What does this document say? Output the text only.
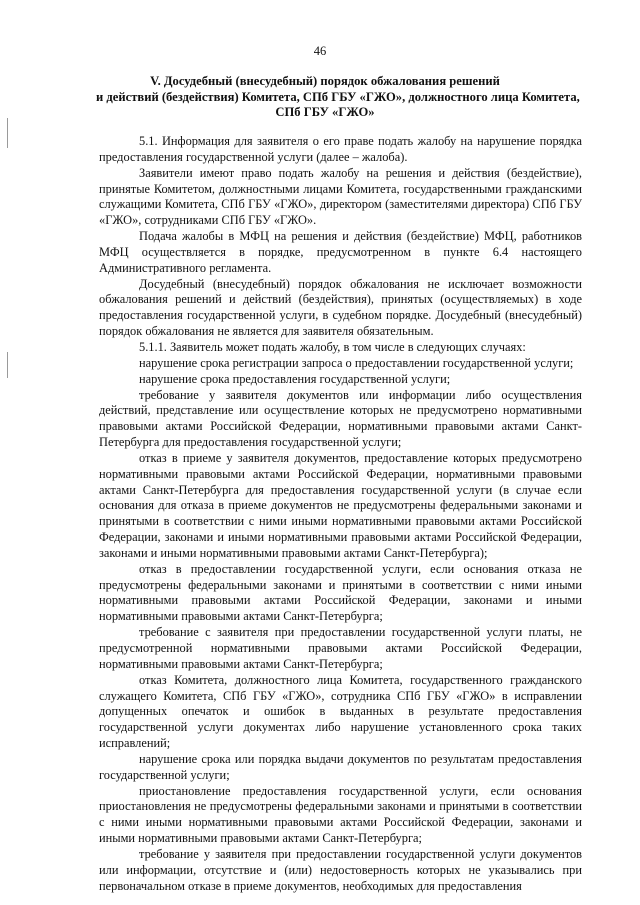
46
V. Досудебный (внесудебный) порядок обжалования решений
и действий (бездействия) Комитета, СПб ГБУ «ГЖО», должностного лица Комитета,
СПб ГБУ «ГЖО»

5.1. Информация для заявителя о его праве подать жалобу на нарушение порядка предоставления государственной услуги (далее – жалоба).

Заявители имеют право подать жалобу на решения и действия (бездействие), принятые Комитетом, должностными лицами Комитета, государственными гражданскими служащими Комитета, СПб ГБУ «ГЖО», директором (заместителями директора) СПб ГБУ «ГЖО», сотрудниками СПб ГБУ «ГЖО».

Подача жалобы в МФЦ на решения и действия (бездействие) МФЦ, работников МФЦ осуществляется в порядке, предусмотренном в пункте 6.4 настоящего Административного регламента.

Досудебный (внесудебный) порядок обжалования не исключает возможности обжалования решений и действий (бездействия), принятых (осуществляемых) в ходе предоставления государственной услуги, в судебном порядке. Досудебный (внесудебный) порядок обжалования не является для заявителя обязательным.

5.1.1. Заявитель может подать жалобу, в том числе в следующих случаях:

нарушение срока регистрации запроса о предоставлении государственной услуги;

нарушение срока предоставления государственной услуги;

требование у заявителя документов или информации либо осуществления действий, представление или осуществление которых не предусмотрено нормативными правовыми актами Российской Федерации, нормативными правовыми актами Санкт-Петербурга для предоставления государственной услуги;

отказ в приеме у заявителя документов, предоставление которых предусмотрено нормативными правовыми актами Российской Федерации, нормативными правовыми актами Санкт-Петербурга для предоставления государственной услуги (в случае если основания для отказа в приеме документов не предусмотрены федеральными законами и принятыми в соответствии с ними иными нормативными правовыми актами Российской Федерации, законами и иными нормативными правовыми актами Российской Федерации, законами и иными нормативными правовыми актами Санкт-Петербурга);

отказ в предоставлении государственной услуги, если основания отказа не предусмотрены федеральными законами и принятыми в соответствии с ними иными нормативными правовыми актами Российской Федерации, законами и иными нормативными правовыми актами Санкт-Петербурга;

требование с заявителя при предоставлении государственной услуги платы, не предусмотренной нормативными правовыми актами Российской Федерации, нормативными правовыми актами Санкт-Петербурга;

отказ Комитета, должностного лица Комитета, государственного гражданского служащего Комитета, СПб ГБУ «ГЖО», сотрудника СПб ГБУ «ГЖО» в исправлении допущенных опечаток и ошибок в выданных в результате предоставления государственной услуги документах либо нарушение установленного срока таких исправлений;

нарушение срока или порядка выдачи документов по результатам предоставления государственной услуги;

приостановление предоставления государственной услуги, если основания приостановления не предусмотрены федеральными законами и принятыми в соответствии с ними иными нормативными правовыми актами Российской Федерации, законами и иными нормативными правовыми актами Санкт-Петербурга;

требование у заявителя при предоставлении государственной услуги документов или информации, отсутствие и (или) недостоверность которых не указывались при первоначальном отказе в приеме документов, необходимых для предоставления
